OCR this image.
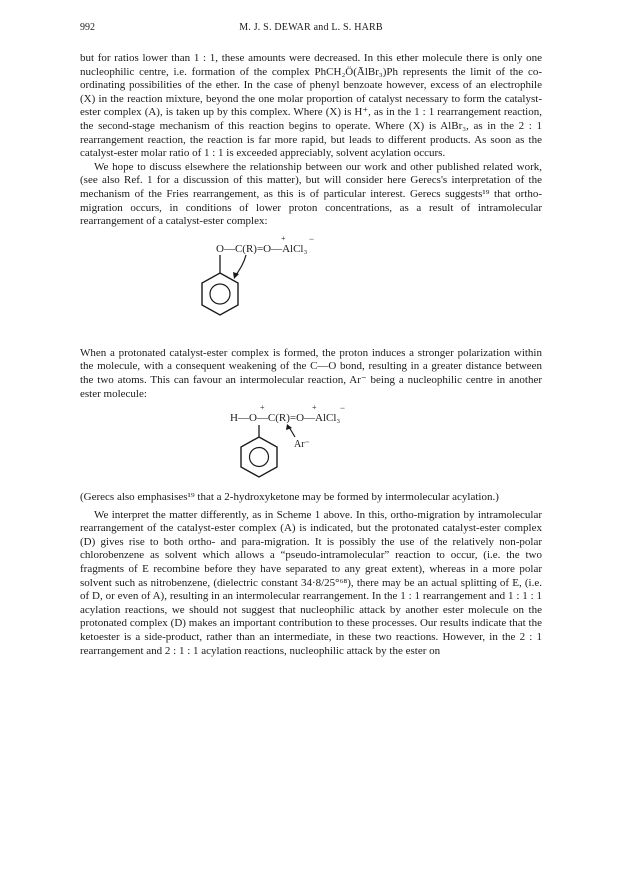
992	M. J. S. DEWAR and L. S. HARB

but for ratios lower than 1 : 1, these amounts were decreased. In this ether molecule there is only one nucleophilic centre, i.e. formation of the complex PhCH₂Ö(ĀlBr₃)Ph represents the limit of the co-ordinating possibilities of the ether. In the case of phenyl benzoate however, excess of an electrophile (X) in the reaction mixture, beyond the one molar proportion of catalyst necessary to form the catalyst-ester complex (A), is taken up by this complex. Where (X) is H⁺, as in the 1 : 1 rearrangement reaction, the second-stage mechanism of this reaction begins to operate. Where (X) is AlBr₃, as in the 2 : 1 rearrangement reaction, the reaction is far more rapid, but leads to different products. As soon as the catalyst-ester molar ratio of 1 : 1 is exceeded appreciably, solvent acylation occurs.

We hope to discuss elsewhere the relationship between our work and other published related work, (see also Ref. 1 for a discussion of this matter), but will consider here Gerecs's interpretation of the mechanism of the Fries rearrangement, as this is of particular interest. Gerecs suggests¹⁹ that ortho-migration occurs, in conditions of lower proton concentrations, as a result of intramolecular rearrangement of a catalyst-ester complex:

O—C(R)=O—AlCl₃
+	−

When a protonated catalyst-ester complex is formed, the proton induces a stronger polarization within the molecule, with a consequent weakening of the C—O bond, resulting in a greater distance between the two atoms. This can favour an intermolecular reaction, Ar⁻ being a nucleophilic centre in another ester molecule:

H—O—C(R)=O—AlCl₃
+	+	−
Ar⁻

(Gerecs also emphasises¹⁹ that a 2-hydroxyketone may be formed by intermolecular acylation.)

We interpret the matter differently, as in Scheme 1 above. In this, ortho-migration by intramolecular rearrangement of the catalyst-ester complex (A) is indicated, but the protonated catalyst-ester complex (D) gives rise to both ortho- and para-migration. It is possibly the use of the relatively non-polar chlorobenzene as solvent which allows a “pseudo-intramolecular” reaction to occur, (i.e. the two fragments of E recombine before they have separated to any great extent), whereas in a more polar solvent such as nitrobenzene, (dielectric constant 34·8/25°⁶⁸), there may be an actual splitting of E, (i.e. of D, or even of A), resulting in an intermolecular rearrangement. In the 1 : 1 rearrangement and 1 : 1 : 1 acylation reactions, we should not suggest that nucleophilic attack by another ester molecule on the protonated complex (D) makes an important contribution to these processes. Our results indicate that the ketoester is a side-product, rather than an intermediate, in these two reactions. However, in the 2 : 1 rearrangement and 2 : 1 : 1 acylation reactions, nucleophilic attack by the ester on
